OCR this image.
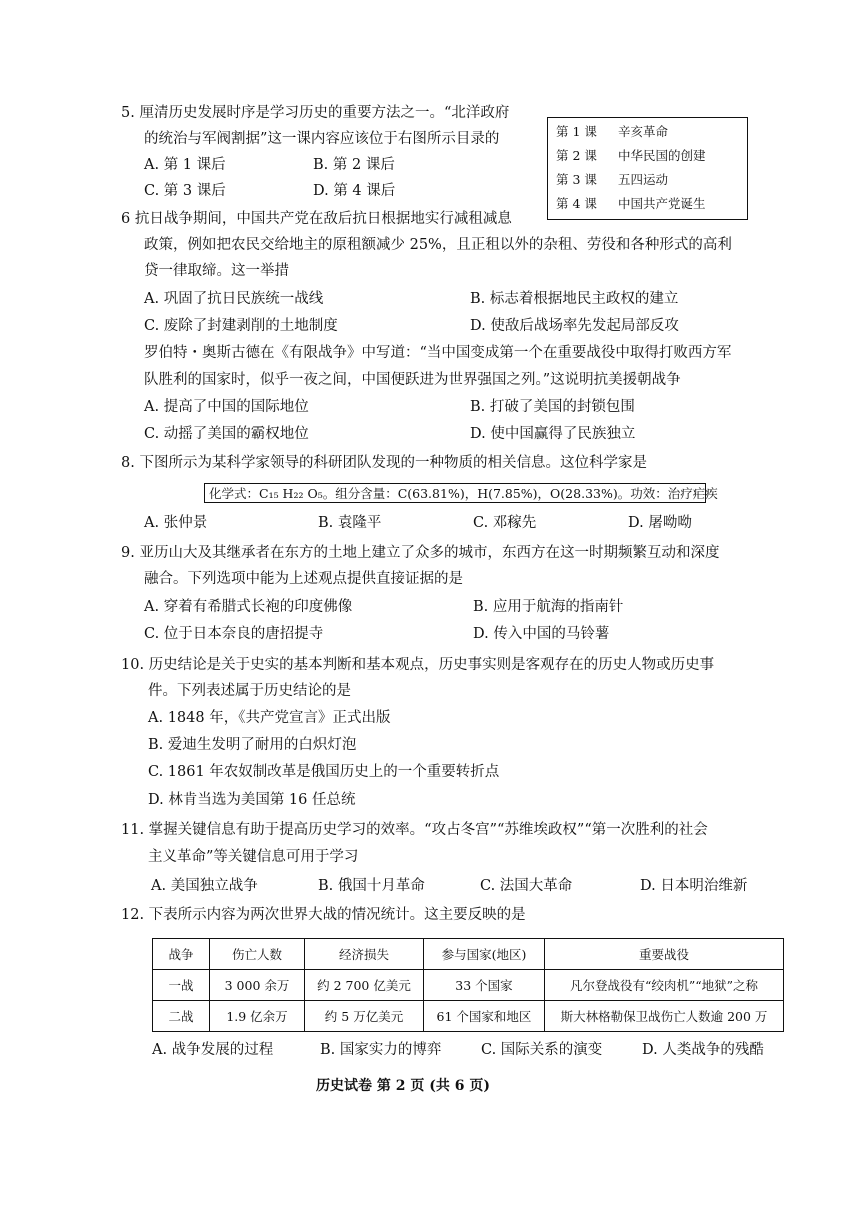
5. 厘清历史发展时序是学习历史的重要方法之一。“北洋政府
的统治与军阀割据”这一课内容应该位于右图所示目录的
A. 第 1 课后	B. 第 2 课后
C. 第 3 课后	D. 第 4 课后
第 1 课 辛亥革命
第 2 课 中华民国的创建
第 3 课 五四运动
第 4 课 中国共产党诞生
6 抗日战争期间，中国共产党在敌后抗日根据地实行减租减息
政策，例如把农民交给地主的原租额减少 25%，且正租以外的杂租、劳役和各种形式的高利
贷一律取缔。这一举措
A. 巩固了抗日民族统一战线	B. 标志着根据地民主政权的建立
C. 废除了封建剥削的土地制度	D. 使敌后战场率先发起局部反攻
罗伯特・奥斯古德在《有限战争》中写道：“当中国变成第一个在重要战役中取得打败西方军
队胜利的国家时，似乎一夜之间，中国便跃进为世界强国之列。”这说明抗美援朝战争
A. 提高了中国的国际地位	B. 打破了美国的封锁包围
C. 动摇了美国的霸权地位	D. 使中国赢得了民族独立
8. 下图所示为某科学家领导的科研团队发现的一种物质的相关信息。这位科学家是
化学式：C₁₅ H₂₂ O₅。组分含量：C(63.81%)，H(7.85%)，O(28.33%)。功效：治疗疟疾
A. 张仲景	B. 袁隆平	C. 邓稼先	D. 屠呦呦
9. 亚历山大及其继承者在东方的土地上建立了众多的城市，东西方在这一时期频繁互动和深度
融合。下列选项中能为上述观点提供直接证据的是
A. 穿着有希腊式长袍的印度佛像	B. 应用于航海的指南针
C. 位于日本奈良的唐招提寺	D. 传入中国的马铃薯
10. 历史结论是关于史实的基本判断和基本观点，历史事实则是客观存在的历史人物或历史事
件。下列表述属于历史结论的是
A. 1848 年，《共产党宣言》正式出版
B. 爱迪生发明了耐用的白炽灯泡
C. 1861 年农奴制改革是俄国历史上的一个重要转折点
D. 林肯当选为美国第 16 任总统
11. 掌握关键信息有助于提高历史学习的效率。“攻占冬宫”“苏维埃政权”“第一次胜利的社会
主义革命”等关键信息可用于学习
A. 美国独立战争	B. 俄国十月革命	C. 法国大革命	D. 日本明治维新
12. 下表所示内容为两次世界大战的情况统计。这主要反映的是
战争	伤亡人数	经济损失	参与国家(地区)	重要战役
一战	3 000 余万	约 2 700 亿美元	33 个国家	凡尔登战役有“绞肉机”“地狱”之称
二战	1.9 亿余万	约 5 万亿美元	61 个国家和地区	斯大林格勒保卫战伤亡人数逾 200 万
A. 战争发展的过程	B. 国家实力的博弈	C. 国际关系的演变	D. 人类战争的残酷
历史试卷 第 2 页 (共 6 页)
